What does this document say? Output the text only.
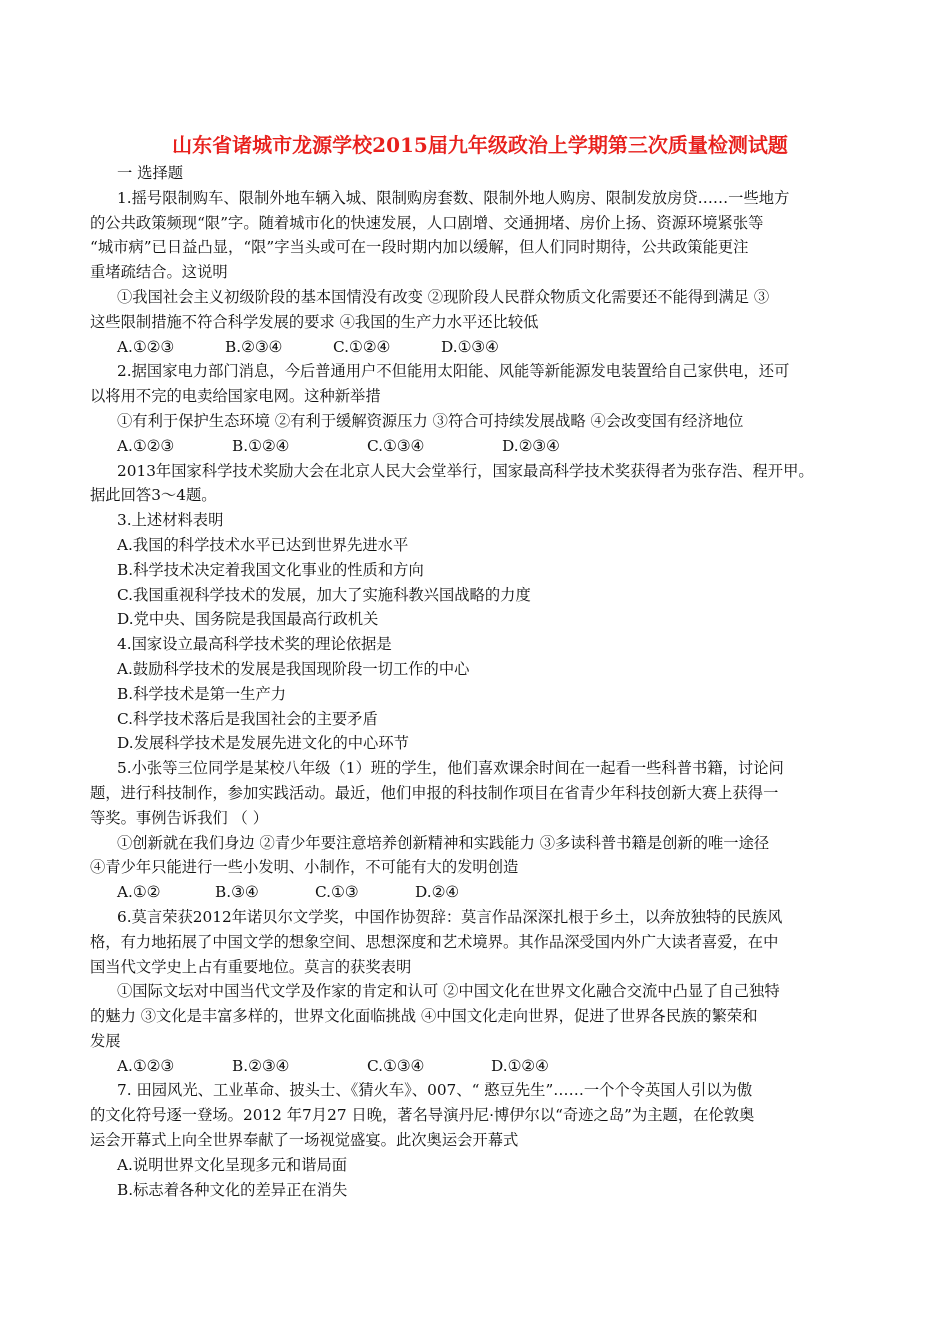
山东省诸城市龙源学校2015届九年级政治上学期第三次质量检测试题
一 选择题
1.摇号限制购车、限制外地车辆入城、限制购房套数、限制外地人购房、限制发放房贷……一些地方
的公共政策频现“限”字。随着城市化的快速发展，人口剧增、交通拥堵、房价上扬、资源环境紧张等
“城市病”已日益凸显，“限”字当头或可在一段时期内加以缓解，但人们同时期待，公共政策能更注
重堵疏结合。这说明
①我国社会主义初级阶段的基本国情没有改变 ②现阶段人民群众物质文化需要还不能得到满足 ③
这些限制措施不符合科学发展的要求 ④我国的生产力水平还比较低
A.①②③	B.②③④	C.①②④	D.①③④
2.据国家电力部门消息，今后普通用户不但能用太阳能、风能等新能源发电装置给自己家供电，还可
以将用不完的电卖给国家电网。这种新举措
①有利于保护生态环境 ②有利于缓解资源压力 ③符合可持续发展战略 ④会改变国有经济地位
A.①②③	B.①②④	C.①③④	D.②③④
2013年国家科学技术奖励大会在北京人民大会堂举行，国家最高科学技术奖获得者为张存浩、程开甲。
据此回答3～4题。
3.上述材料表明
A.我国的科学技术水平已达到世界先进水平
B.科学技术决定着我国文化事业的性质和方向
C.我国重视科学技术的发展，加大了实施科教兴国战略的力度
D.党中央、国务院是我国最高行政机关
4.国家设立最高科学技术奖的理论依据是
A.鼓励科学技术的发展是我国现阶段一切工作的中心
B.科学技术是第一生产力
C.科学技术落后是我国社会的主要矛盾
D.发展科学技术是发展先进文化的中心环节
5.小张等三位同学是某校八年级（1）班的学生，他们喜欢课余时间在一起看一些科普书籍，讨论问
题，进行科技制作，参加实践活动。最近，他们申报的科技制作项目在省青少年科技创新大赛上获得一
等奖。事例告诉我们 （ ）
①创新就在我们身边 ②青少年要注意培养创新精神和实践能力 ③多读科普书籍是创新的唯一途径
④青少年只能进行一些小发明、小制作，不可能有大的发明创造
A.①②	B.③④	C.①③	D.②④
6.莫言荣获2012年诺贝尔文学奖，中国作协贺辞：莫言作品深深扎根于乡土，以奔放独特的民族风
格，有力地拓展了中国文学的想象空间、思想深度和艺术境界。其作品深受国内外广大读者喜爱，在中
国当代文学史上占有重要地位。莫言的获奖表明
①国际文坛对中国当代文学及作家的肯定和认可 ②中国文化在世界文化融合交流中凸显了自己独特
的魅力 ③文化是丰富多样的，世界文化面临挑战 ④中国文化走向世界，促进了世界各民族的繁荣和
发展
A.①②③	B.②③④	C.①③④	D.①②④
7. 田园风光、工业革命、披头士、《猜火车》、007、“ 憨豆先生”……一个个令英国人引以为傲
的文化符号逐一登场。2012 年7月27 日晚，著名导演丹尼·博伊尔以“奇迹之岛”为主题，在伦敦奥
运会开幕式上向全世界奉献了一场视觉盛宴。此次奥运会开幕式
A.说明世界文化呈现多元和谐局面
B.标志着各种文化的差异正在消失
